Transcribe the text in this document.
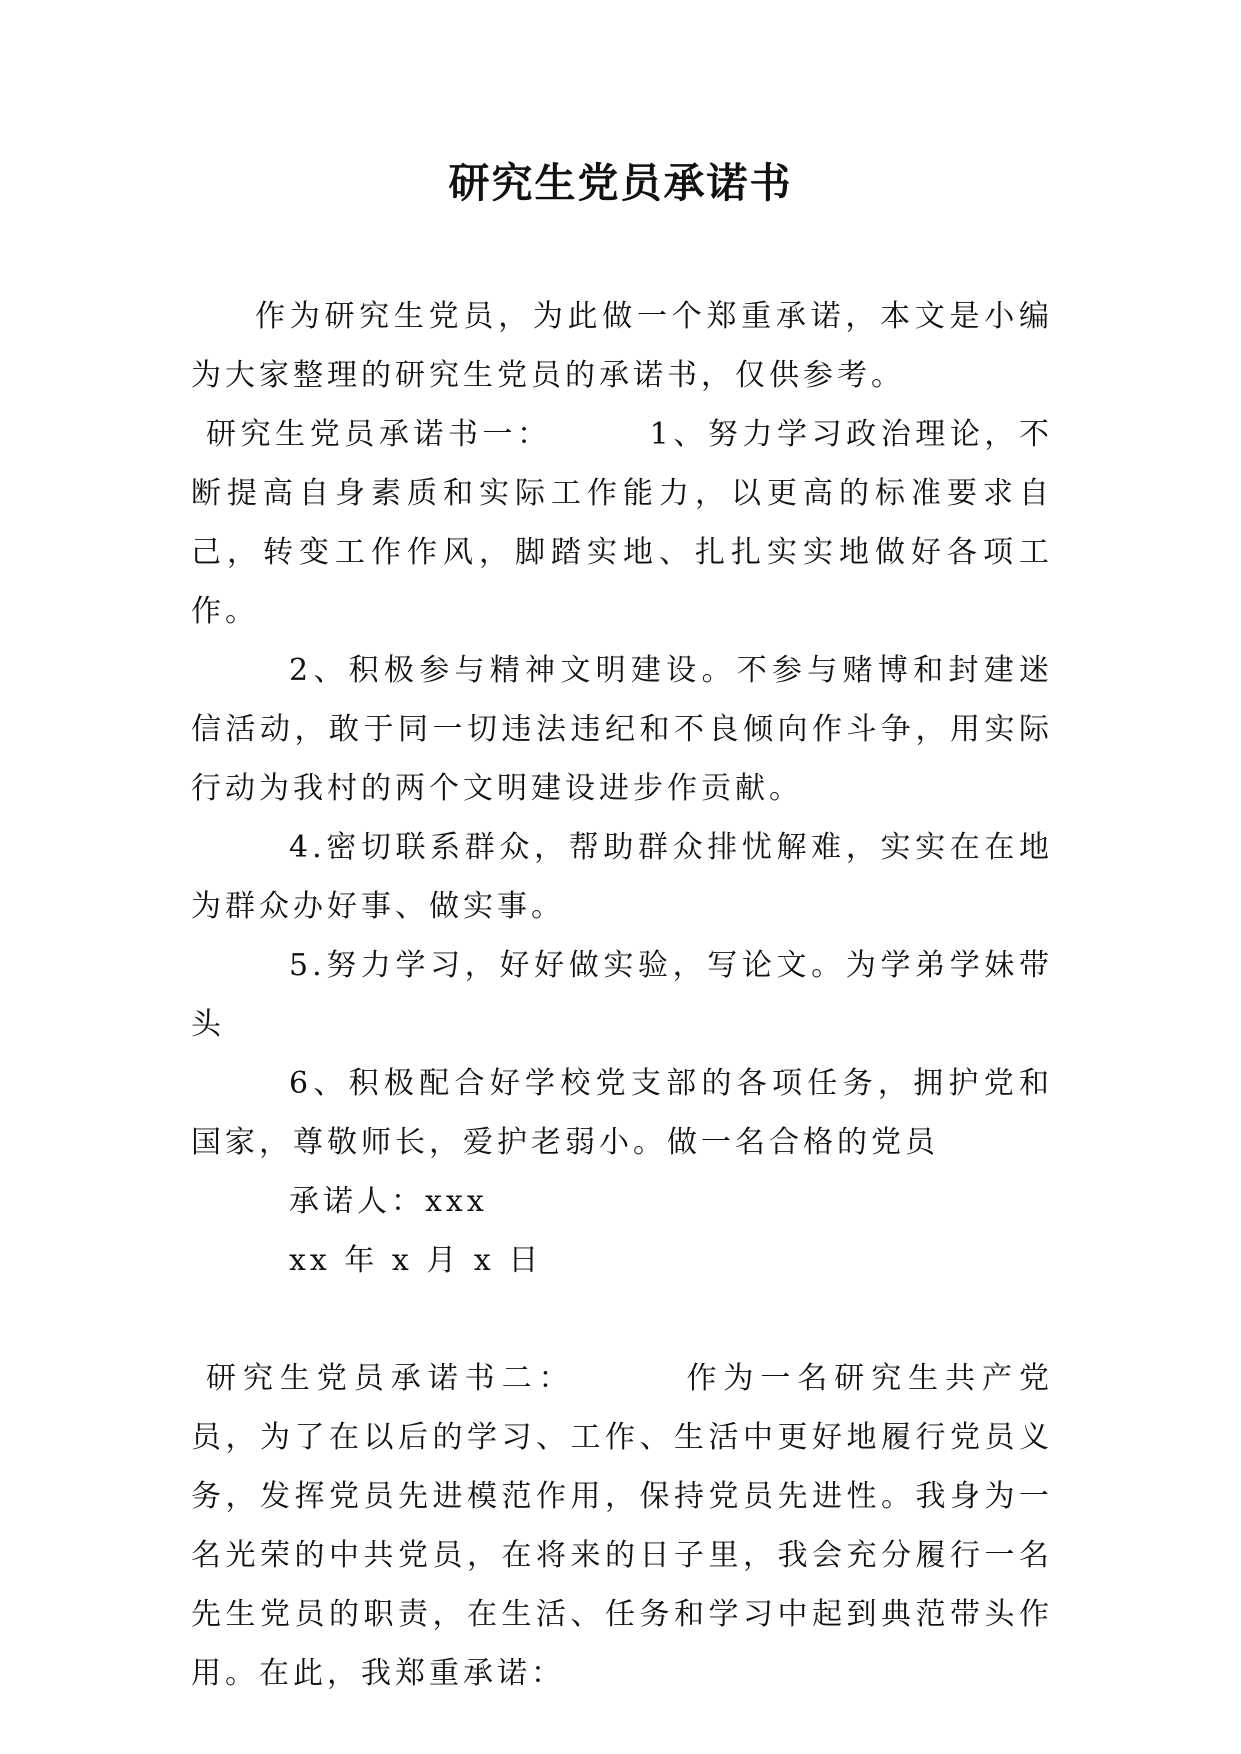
研究生党员承诺书

作为研究生党员，为此做一个郑重承诺，本文是小编为大家整理的研究生党员的承诺书，仅供参考。

研究生党员承诺书一：	1、努力学习政治理论，不断提高自身素质和实际工作能力，以更高的标准要求自己，转变工作作风，脚踏实地、扎扎实实地做好各项工作。

2、积极参与精神文明建设。不参与赌博和封建迷信活动，敢于同一切违法违纪和不良倾向作斗争，用实际行动为我村的两个文明建设进步作贡献。

4.密切联系群众，帮助群众排忧解难，实实在在地为群众办好事、做实事。

5.努力学习，好好做实验，写论文。为学弟学妹带头

6、积极配合好学校党支部的各项任务，拥护党和国家，尊敬师长，爱护老弱小。做一名合格的党员

承诺人：xxx

xx 年 x 月 x 日

研究生党员承诺书二：	作为一名研究生共产党员，为了在以后的学习、工作、生活中更好地履行党员义务，发挥党员先进模范作用，保持党员先进性。我身为一名光荣的中共党员，在将来的日子里，我会充分履行一名先生党员的职责，在生活、任务和学习中起到典范带头作用。在此，我郑重承诺：
